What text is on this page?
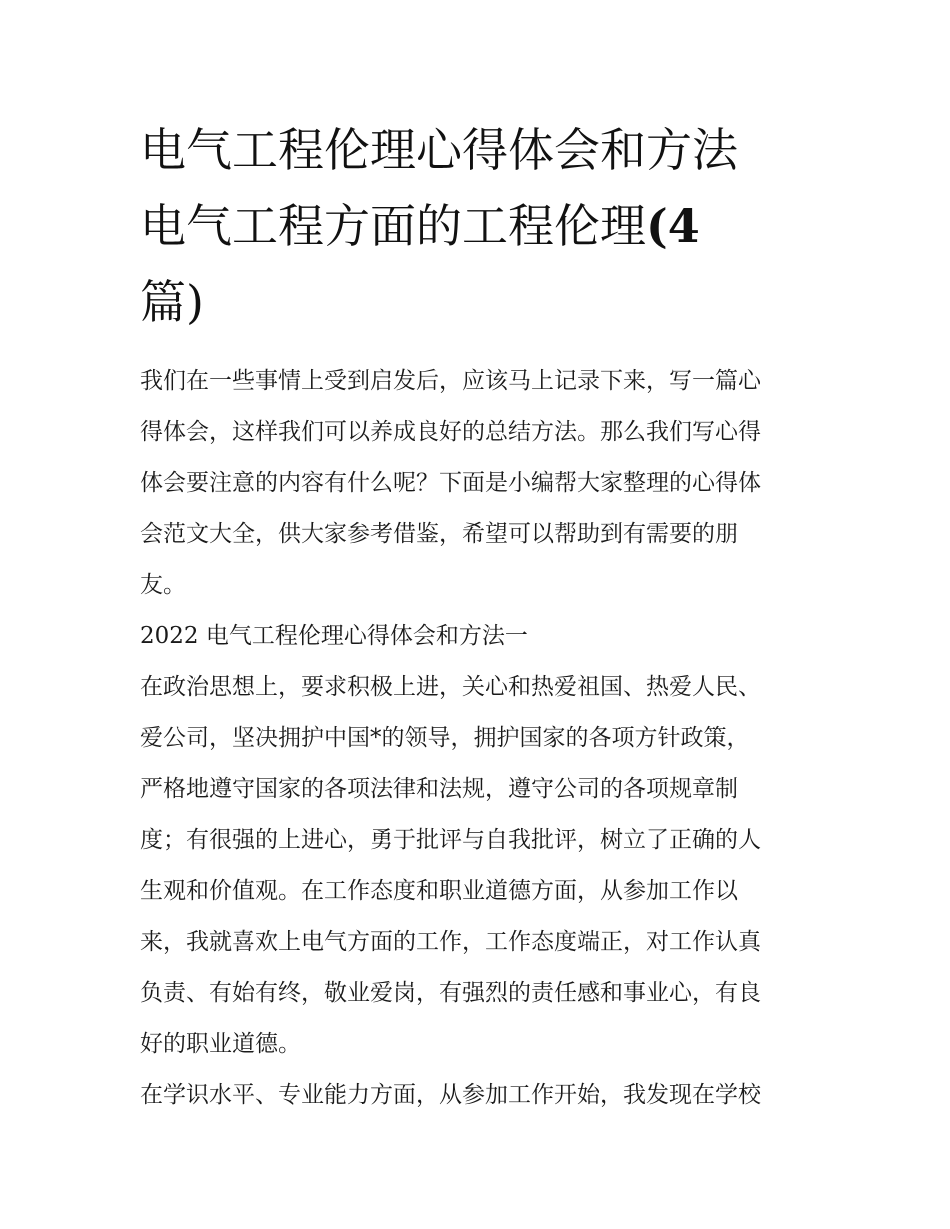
电气工程伦理心得体会和方法
电气工程方面的工程伦理(4
篇)

我们在一些事情上受到启发后，应该马上记录下来，写一篇心
得体会，这样我们可以养成良好的总结方法。那么我们写心得
体会要注意的内容有什么呢？下面是小编帮大家整理的心得体
会范文大全，供大家参考借鉴，希望可以帮助到有需要的朋
友。

2022 电气工程伦理心得体会和方法一

在政治思想上，要求积极上进，关心和热爱祖国、热爱人民、
爱公司，坚决拥护中国*的领导，拥护国家的各项方针政策，
严格地遵守国家的各项法律和法规，遵守公司的各项规章制
度；有很强的上进心，勇于批评与自我批评，树立了正确的人
生观和价值观。在工作态度和职业道德方面，从参加工作以
来，我就喜欢上电气方面的工作，工作态度端正，对工作认真
负责、有始有终，敬业爱岗，有强烈的责任感和事业心，有良
好的职业道德。

在学识水平、专业能力方面，从参加工作开始，我发现在学校
